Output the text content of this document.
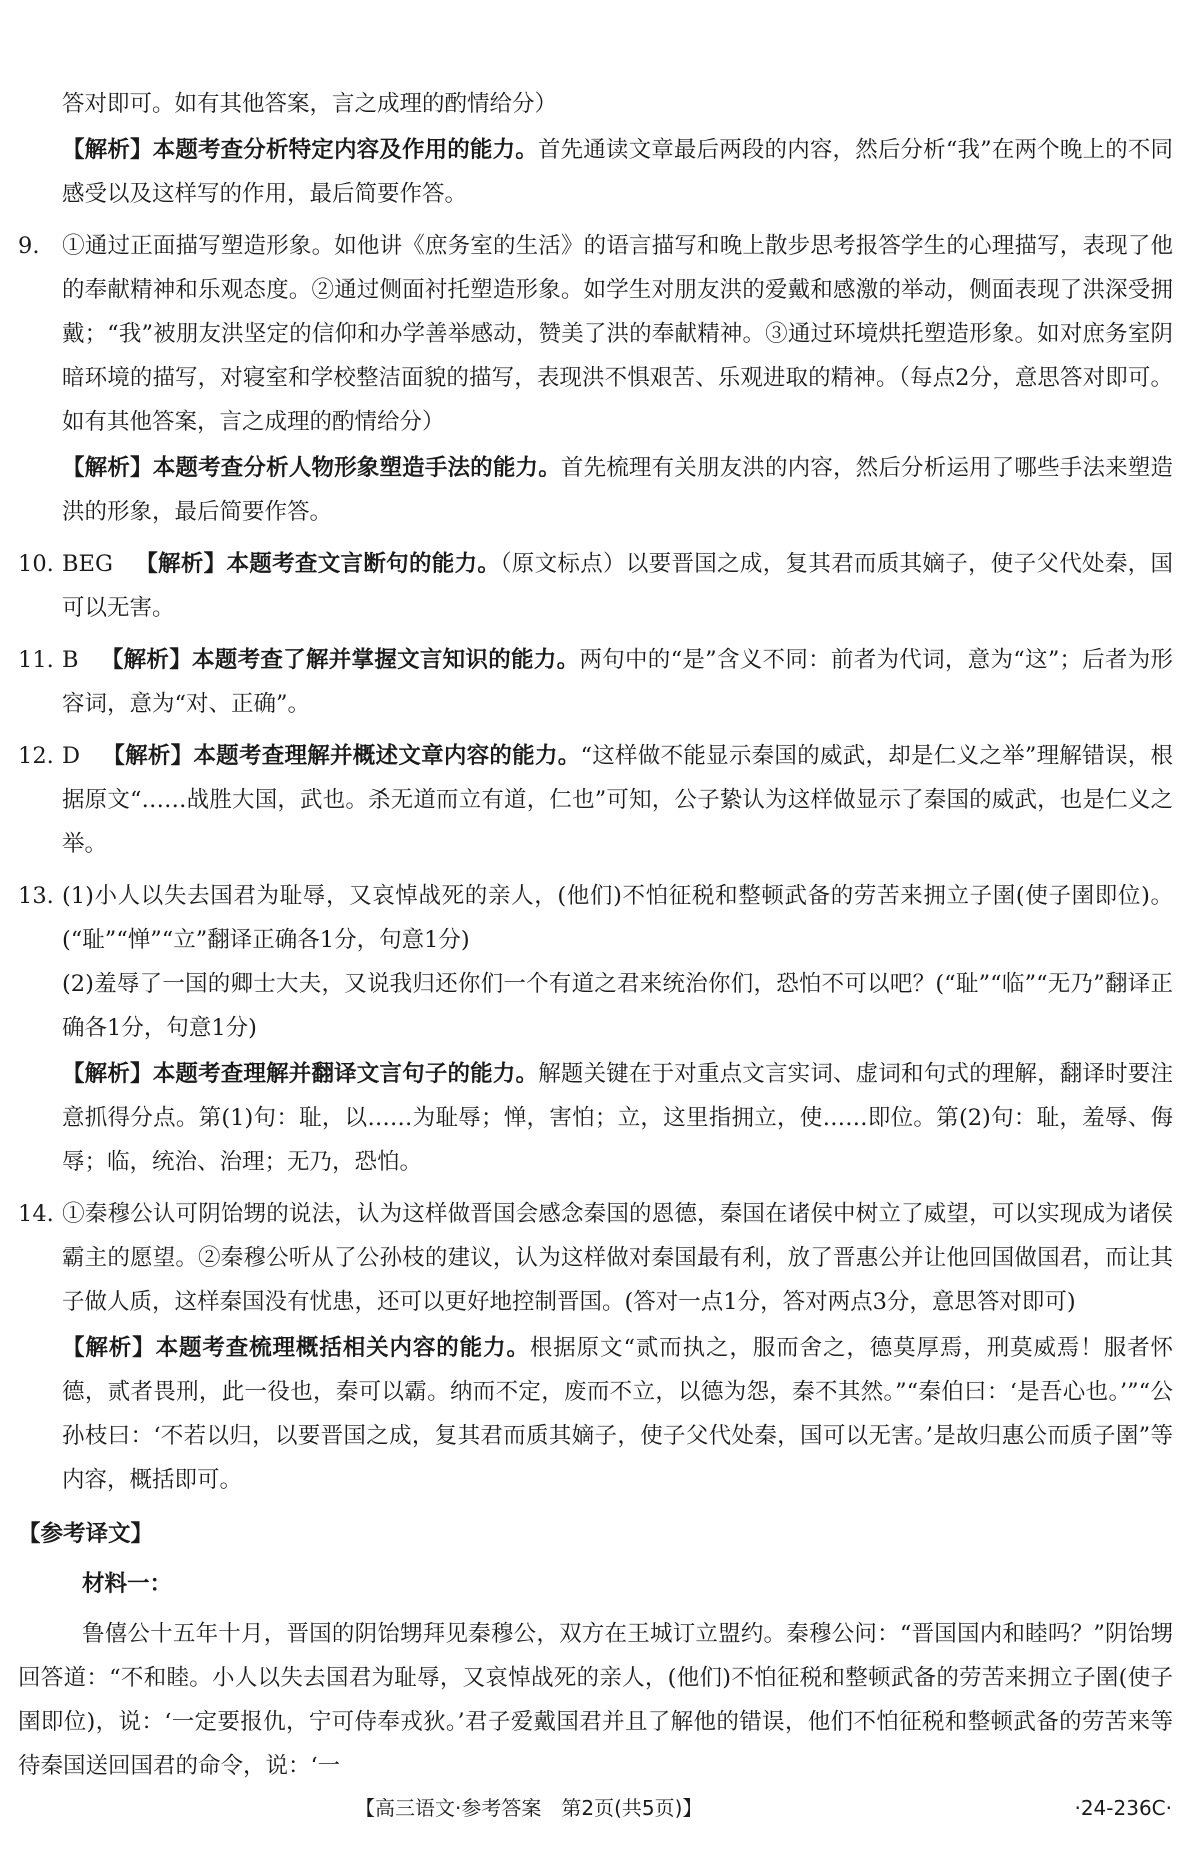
答对即可。如有其他答案，言之成理的酌情给分）

【解析】本题考查分析特定内容及作用的能力。首先通读文章最后两段的内容，然后分析“我”在两个晚上的不同感受以及这样写的作用，最后简要作答。

9. ①通过正面描写塑造形象。如他讲《庶务室的生活》的语言描写和晚上散步思考报答学生的心理描写，表现了他的奉献精神和乐观态度。②通过侧面衬托塑造形象。如学生对朋友洪的爱戴和感激的举动，侧面表现了洪深受拥戴；“我”被朋友洪坚定的信仰和办学善举感动，赞美了洪的奉献精神。③通过环境烘托塑造形象。如对庶务室阴暗环境的描写，对寝室和学校整洁面貌的描写，表现洪不惧艰苦、乐观进取的精神。（每点2分，意思答对即可。如有其他答案，言之成理的酌情给分）

【解析】本题考查分析人物形象塑造手法的能力。首先梳理有关朋友洪的内容，然后分析运用了哪些手法来塑造洪的形象，最后简要作答。

10. BEG 【解析】本题考查文言断句的能力。（原文标点）以要晋国之成，复其君而质其嫡子，使子父代处秦，国可以无害。

11. B 【解析】本题考查了解并掌握文言知识的能力。两句中的“是”含义不同：前者为代词，意为“这”；后者为形容词，意为“对、正确”。

12. D 【解析】本题考查理解并概述文章内容的能力。“这样做不能显示秦国的威武，却是仁义之举”理解错误，根据原文“……战胜大国，武也。杀无道而立有道，仁也”可知，公子絷认为这样做显示了秦国的威武，也是仁义之举。

13. (1)小人以失去国君为耻辱，又哀悼战死的亲人，(他们)不怕征税和整顿武备的劳苦来拥立子圉(使子圉即位)。(“耻”“惮”“立”翻译正确各1分，句意1分)

(2)羞辱了一国的卿士大夫，又说我归还你们一个有道之君来统治你们，恐怕不可以吧？(“耻”“临”“无乃”翻译正确各1分，句意1分)

【解析】本题考查理解并翻译文言句子的能力。解题关键在于对重点文言实词、虚词和句式的理解，翻译时要注意抓得分点。第(1)句：耻，以……为耻辱；惮，害怕；立，这里指拥立，使……即位。第(2)句：耻，羞辱、侮辱；临，统治、治理；无乃，恐怕。

14. ①秦穆公认可阴饴甥的说法，认为这样做晋国会感念秦国的恩德，秦国在诸侯中树立了威望，可以实现成为诸侯霸主的愿望。②秦穆公听从了公孙枝的建议，认为这样做对秦国最有利，放了晋惠公并让他回国做国君，而让其子做人质，这样秦国没有忧患，还可以更好地控制晋国。(答对一点1分，答对两点3分，意思答对即可)

【解析】本题考查梳理概括相关内容的能力。根据原文“贰而执之，服而舍之，德莫厚焉，刑莫威焉！服者怀德，贰者畏刑，此一役也，秦可以霸。纳而不定，废而不立，以德为怨，秦不其然。”“秦伯曰：‘是吾心也。’”“公孙枝曰：‘不若以归，以要晋国之成，复其君而质其嫡子，使子父代处秦，国可以无害。’是故归惠公而质子圉”等内容，概括即可。

【参考译文】

材料一：

鲁僖公十五年十月，晋国的阴饴甥拜见秦穆公，双方在王城订立盟约。秦穆公问：“晋国国内和睦吗？”阴饴甥回答道：“不和睦。小人以失去国君为耻辱，又哀悼战死的亲人，(他们)不怕征税和整顿武备的劳苦来拥立子圉(使子圉即位)，说：‘一定要报仇，宁可侍奉戎狄。’君子爱戴国君并且了解他的错误，他们不怕征税和整顿武备的劳苦来等待秦国送回国君的命令，说：‘一

【高三语文·参考答案　第2页(共5页)】	·24-236C·
